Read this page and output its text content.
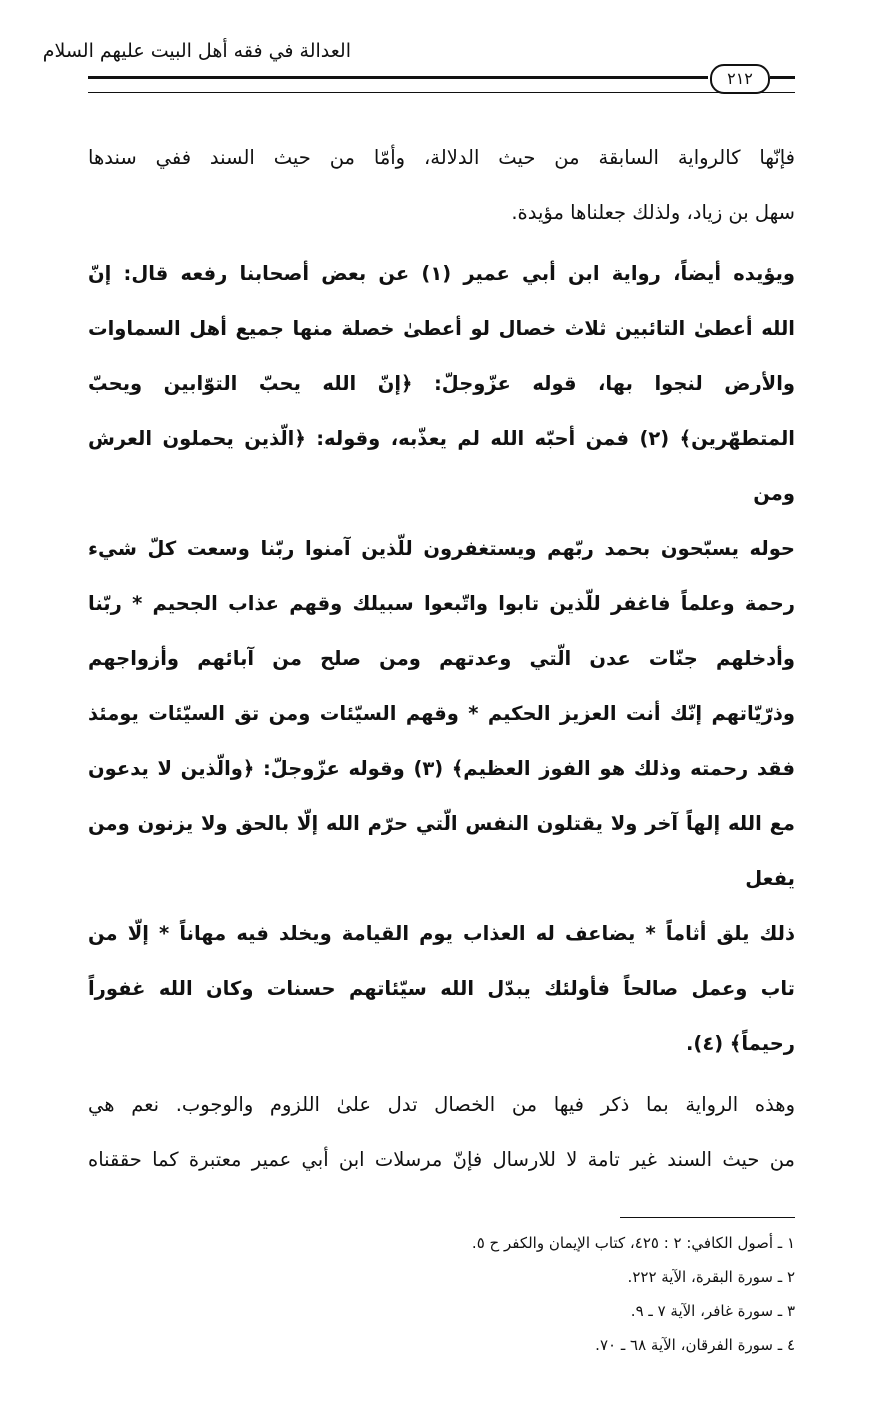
العدالة في فقه أهل البيت عليهم السلام
٢١٢
فإنّها كالرواية السابقة من حيث الدلالة، وأمّا من حيث السند ففي سندها
سهل بن زياد، ولذلك جعلناها مؤيدة.
ويؤيده أيضاً، رواية ابن أبي عمير (١) عن بعض أصحابنا رفعه قال: إنّ
الله أعطىٰ التائبين ثلاث خصال لو أعطىٰ خصلة منها جميع أهل السماوات
والأرض لنجوا بها، قوله عزّوجلّ: ﴿إنّ الله يحبّ التوّابين ويحبّ
المتطهّرين﴾ (٢) فمن أحبّه الله لم يعذّبه، وقوله: ﴿الّذين يحملون العرش ومن
حوله يسبّحون بحمد ربّهم ويستغفرون للّذين آمنوا ربّنا وسعت كلّ شيء
رحمة وعلماً فاغفر للّذين تابوا واتّبعوا سبيلك وقهم عذاب الجحيم * ربّنا
وأدخلهم جنّات عدن الّتي وعدتهم ومن صلح من آبائهم وأزواجهم
وذرّيّاتهم إنّك أنت العزيز الحكيم * وقهم السيّئات ومن تق السيّئات يومئذ
فقد رحمته وذلك هو الفوز العظيم﴾ (٣) وقوله عزّوجلّ: ﴿والّذين لا يدعون
مع الله إلهاً آخر ولا يقتلون النفس الّتي حرّم الله إلّا بالحق ولا يزنون ومن يفعل
ذلك يلق أثاماً * يضاعف له العذاب يوم القيامة ويخلد فيه مهاناً * إلّا من
تاب وعمل صالحاً فأولئك يبدّل الله سيّئاتهم حسنات وكان الله غفوراً
رحيماً﴾ (٤).
وهذه الرواية بما ذكر فيها من الخصال تدل علىٰ اللزوم والوجوب. نعم هي
من حيث السند غير تامة لا للارسال فإنّ مرسلات ابن أبي عمير معتبرة كما حققناه
١ ـ أصول الكافي: ٢ : ٤٢٥، كتاب الإيمان والكفر ح ٥.
٢ ـ سورة البقرة، الآية ٢٢٢.
٣ ـ سورة غافر، الآية ٧ ـ ٩.
٤ ـ سورة الفرقان، الآية ٦٨ ـ ٧٠.
